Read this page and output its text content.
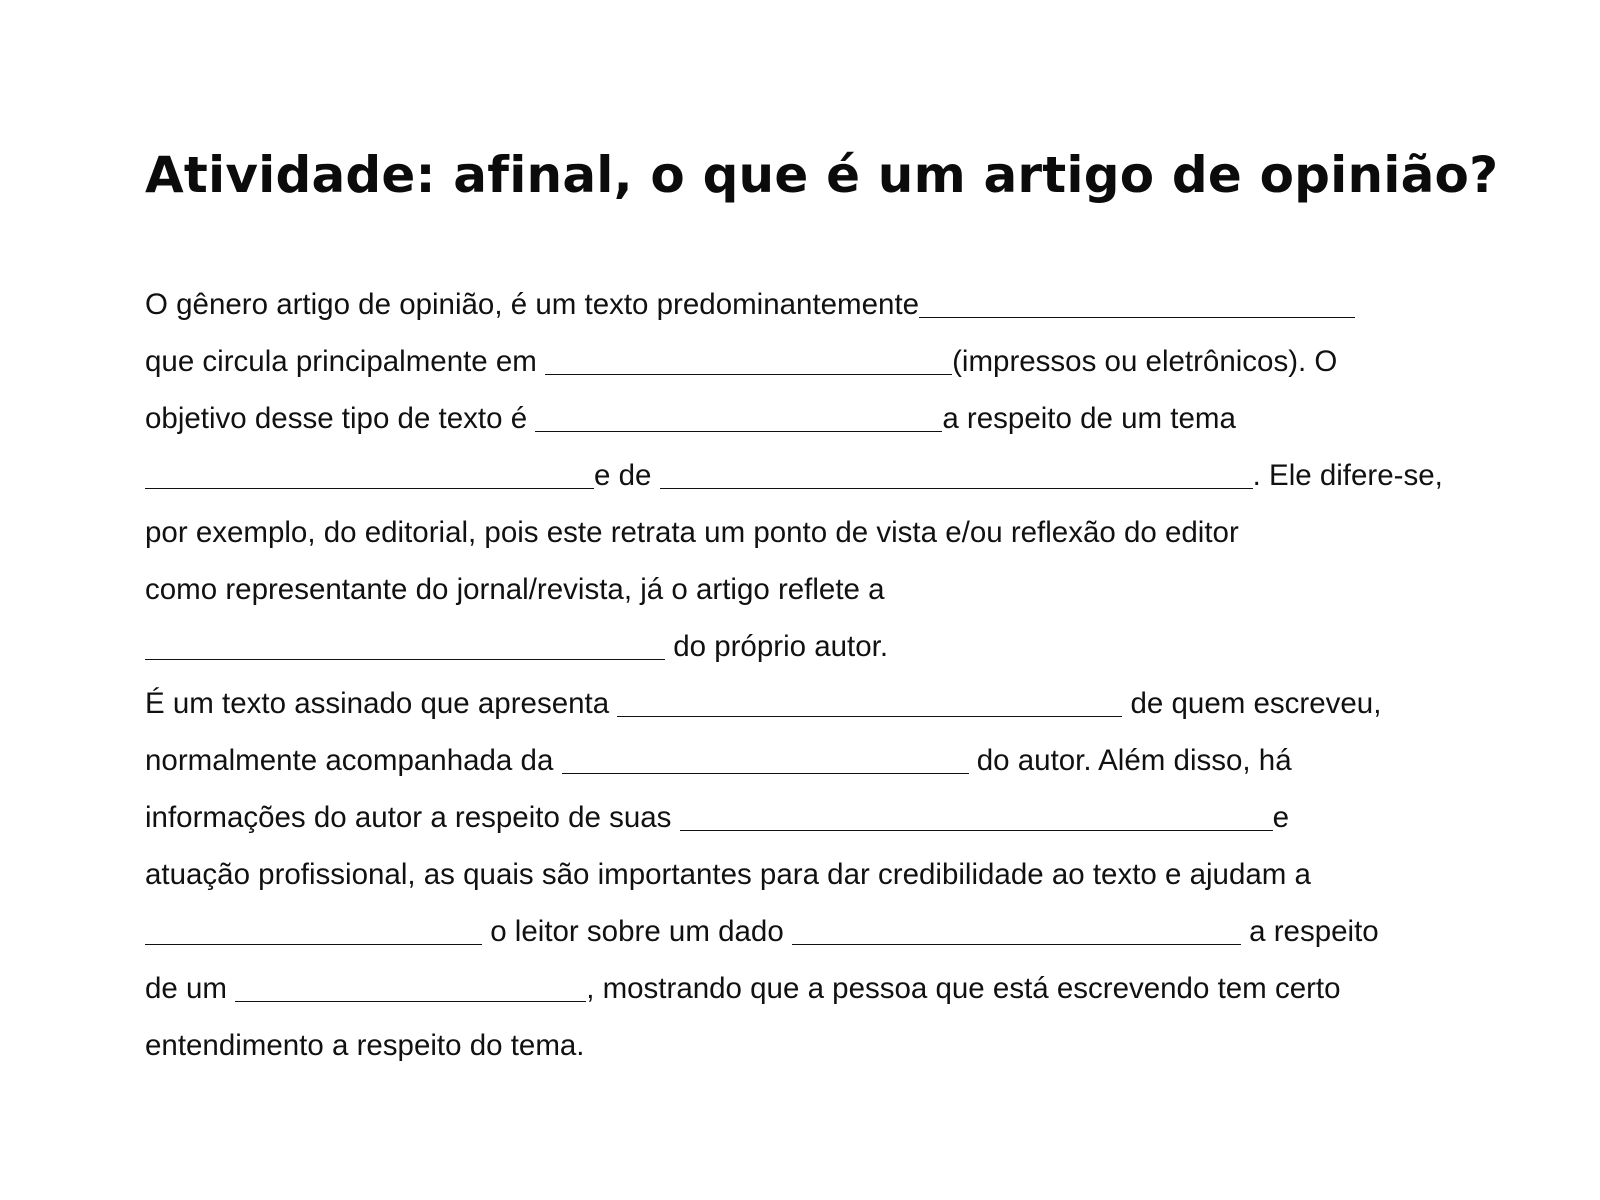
Atividade: afinal, o que é um artigo de opinião?
O gênero artigo de opinião, é um texto predominantemente
que circula principalmente em	(impressos ou eletrônicos). O
objetivo desse tipo de texto é	a respeito de um tema
e de	. Ele difere-se,
por exemplo, do editorial, pois este retrata um ponto de vista e/ou reflexão do editor
como representante do jornal/revista, já o artigo reflete a
do próprio autor.
É um texto assinado que apresenta	de quem escreveu,
normalmente acompanhada da	do autor. Além disso, há
informações do autor a respeito de suas	e
atuação profissional, as quais são importantes para dar credibilidade ao texto e ajudam a
o leitor sobre um dado	a respeito
de um	, mostrando que a pessoa que está escrevendo tem certo
entendimento a respeito do tema.
